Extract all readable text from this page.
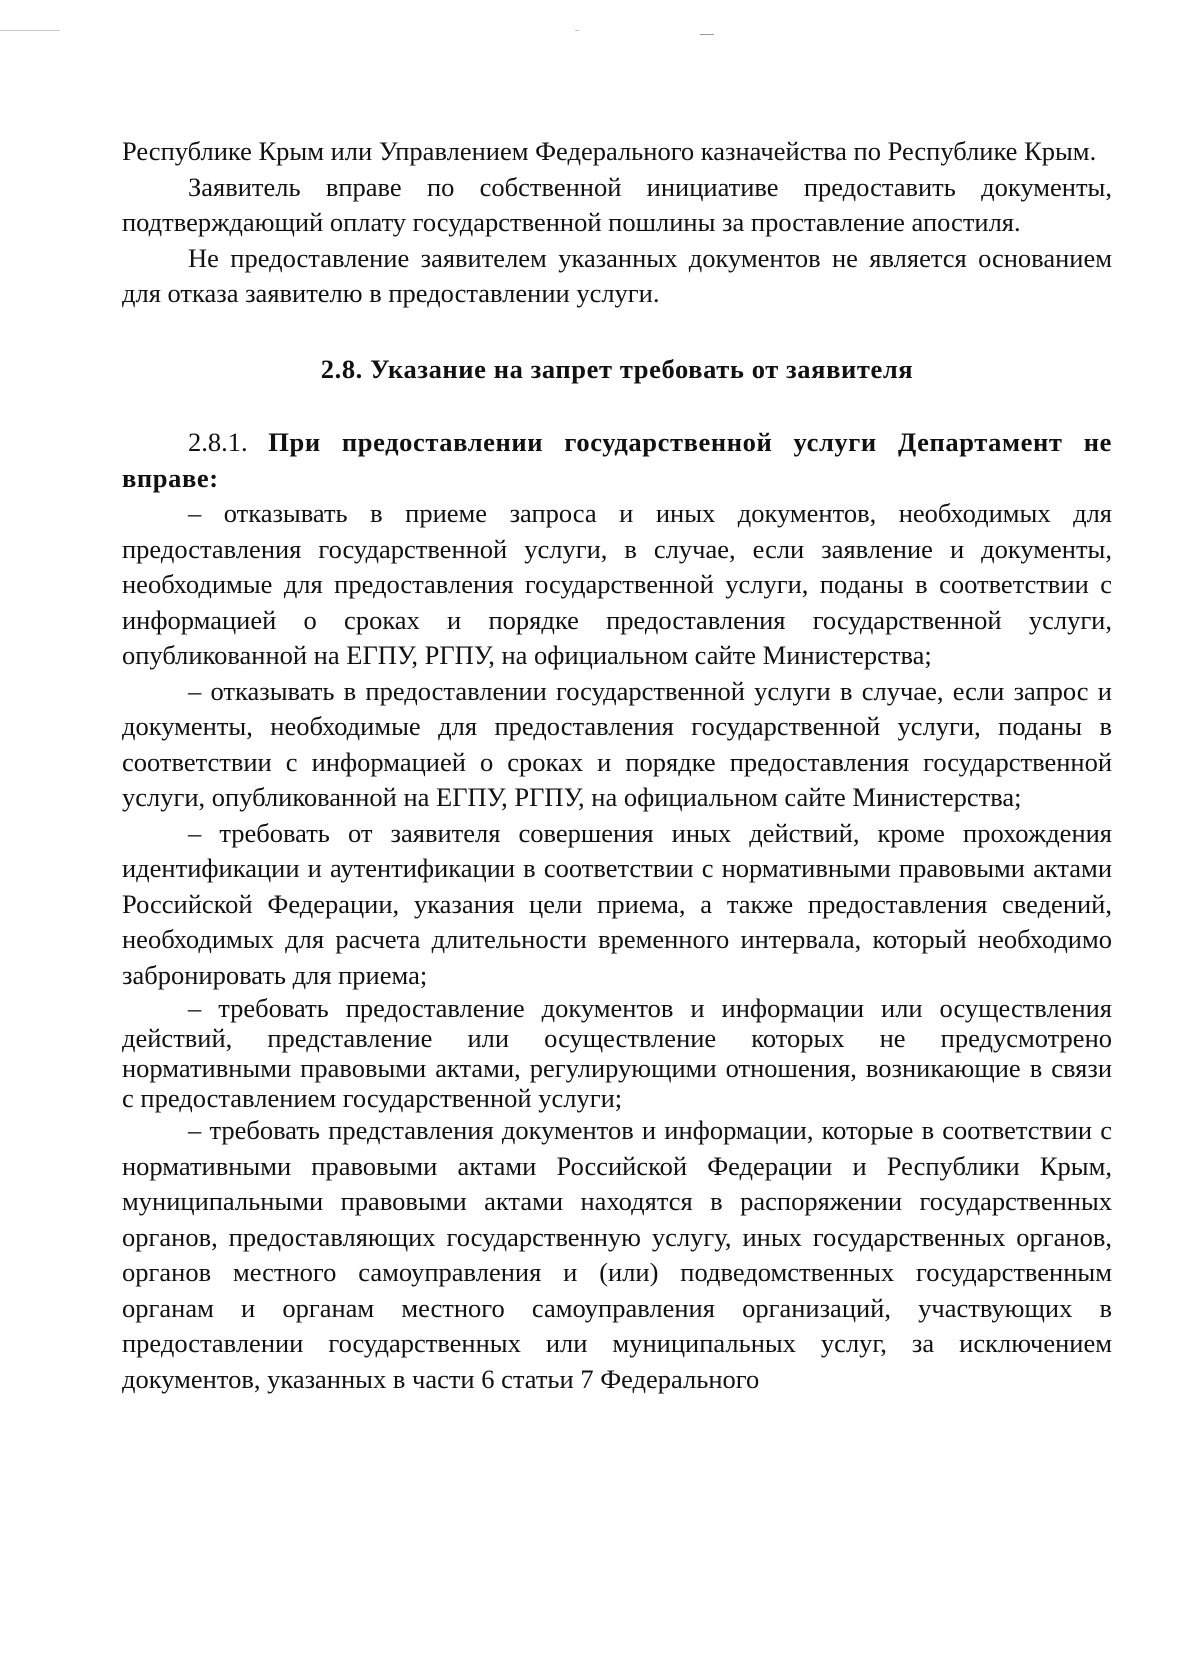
Республике Крым или Управлением Федерального казначейства по Республике Крым.

Заявитель вправе по собственной инициативе предоставить документы, подтверждающий оплату государственной пошлины за проставление апостиля.

Не предоставление заявителем указанных документов не является основанием для отказа заявителю в предоставлении услуги.

2.8. Указание на запрет требовать от заявителя

2.8.1. При предоставлении государственной услуги Департамент не вправе:

– отказывать в приеме запроса и иных документов, необходимых для предоставления государственной услуги, в случае, если заявление и документы, необходимые для предоставления государственной услуги, поданы в соответствии с информацией о сроках и порядке предоставления государственной услуги, опубликованной на ЕГПУ, РГПУ, на официальном сайте Министерства;

– отказывать в предоставлении государственной услуги в случае, если запрос и документы, необходимые для предоставления государственной услуги, поданы в соответствии с информацией о сроках и порядке предоставления государственной услуги, опубликованной на ЕГПУ, РГПУ, на официальном сайте Министерства;

– требовать от заявителя совершения иных действий, кроме прохождения идентификации и аутентификации в соответствии с нормативными правовыми актами Российской Федерации, указания цели приема, а также предоставления сведений, необходимых для расчета длительности временного интервала, который необходимо забронировать для приема;

– требовать предоставление документов и информации или осуществления действий, представление или осуществление которых не предусмотрено нормативными правовыми актами, регулирующими отношения, возникающие в связи с предоставлением государственной услуги;

– требовать представления документов и информации, которые в соответствии с нормативными правовыми актами Российской Федерации и Республики Крым, муниципальными правовыми актами находятся в распоряжении государственных органов, предоставляющих государственную услугу, иных государственных органов, органов местного самоуправления и (или) подведомственных государственным органам и органам местного самоуправления организаций, участвующих в предоставлении государственных или муниципальных услуг, за исключением документов, указанных в части 6 статьи 7 Федерального
